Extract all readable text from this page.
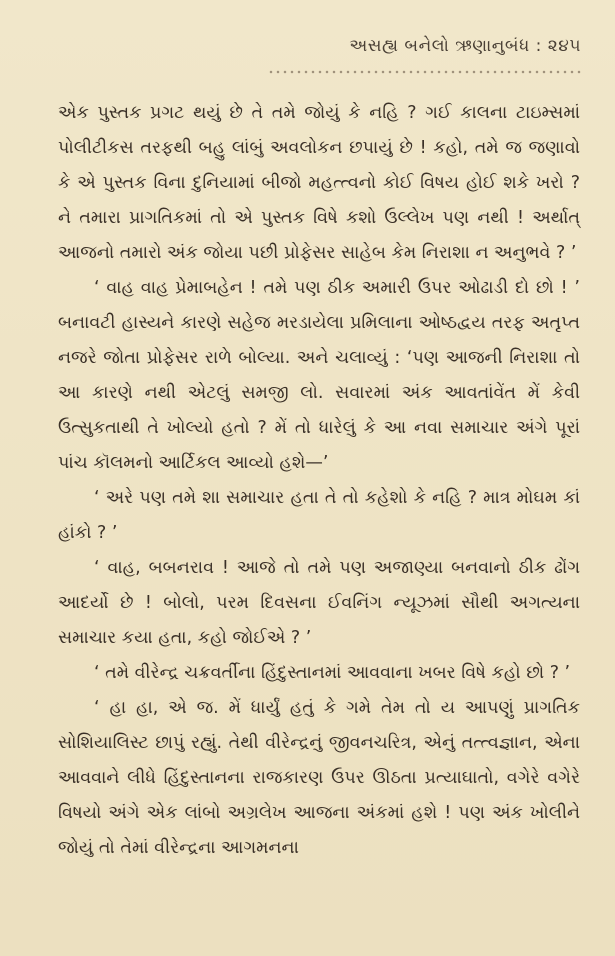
અસહ્ય બનેલો ઋણાનુબંધ : ૨૪૫

એક પુસ્તક પ્રગટ થયું છે તે તમે જોયું કે નહિ ? ગઈ કાલના ટાઇમ્સમાં પોલીટીકસ તરફથી બહુ લાંબું અવલોકન છપાયું છે ! કહો, તમે જ જણાવો કે એ પુસ્તક વિના દુનિયામાં બીજો મહત્ત્વનો કોઈ વિષય હોઈ શકે ખરો ? ને તમારા પ્રાગતિકમાં તો એ પુસ્તક વિષે કશો ઉલ્લેખ પણ નથી ! અર્થાત્ આજનો તમારો અંક જોયા પછી પ્રોફેસર સાહેબ કેમ નિરાશા ન અનુભવે ? ’

‘ વાહ વાહ પ્રેમાબહેન ! તમે પણ ઠીક અમારી ઉપર ઓઢાડી દો છો ! ’ બનાવટી હાસ્યને કારણે સહેજ મરડાયેલા પ્રમિલાના ઓષ્ઠદ્વય તરફ અતૃપ્ત નજરે જોતા પ્રોફેસર રાળે બોલ્યા. અને ચલાવ્યું : ‘પણ આજની નિરાશા તો આ કારણે નથી એટલું સમજી લો. સવારમાં અંક આવતાંવેંત મેં કેવી ઉત્સુકતાથી તે ખોલ્યો હતો ? મેં તો ધારેલું કે આ નવા સમાચાર અંગે પૂરાં પાંચ કૉલમનો આર્ટિકલ આવ્યો હશે—’

‘ અરે પણ તમે શા સમાચાર હતા તે તો કહેશો કે નહિ ? માત્ર મોઘમ કાં હાંકો ? ’

‘ વાહ, બબનરાવ ! આજે તો તમે પણ અજાણ્યા બનવાનો ઠીક ઢોંગ આદર્યો છે ! બોલો, પરમ દિવસના ઈવનિંગ ન્યૂઝમાં સૌથી અગત્યના સમાચાર કયા હતા, કહો જોઈએ ? ’

‘ તમે વીરેન્દ્ર ચક્રવર્તીના હિંદુસ્તાનમાં આવવાના ખબર વિષે કહો છો ? ’

‘ હા હા, એ જ. મેં ધાર્યું હતું કે ગમે તેમ તો ય આપણું પ્રાગતિક સોશિયાલિસ્ટ છાપું રહ્યું. તેથી વીરેન્દ્રનું જીવનચરિત્ર, એનું તત્ત્વજ્ઞાન, એના આવવાને લીધે હિંદુસ્તાનના રાજકારણ ઉપર ઊઠતા પ્રત્યાઘાતો, વગેરે વગેરે વિષયો અંગે એક લાંબો અગ્રલેખ આજના અંકમાં હશે ! પણ અંક ખોલીને જોયું તો તેમાં વીરેન્દ્રના આગમનના
